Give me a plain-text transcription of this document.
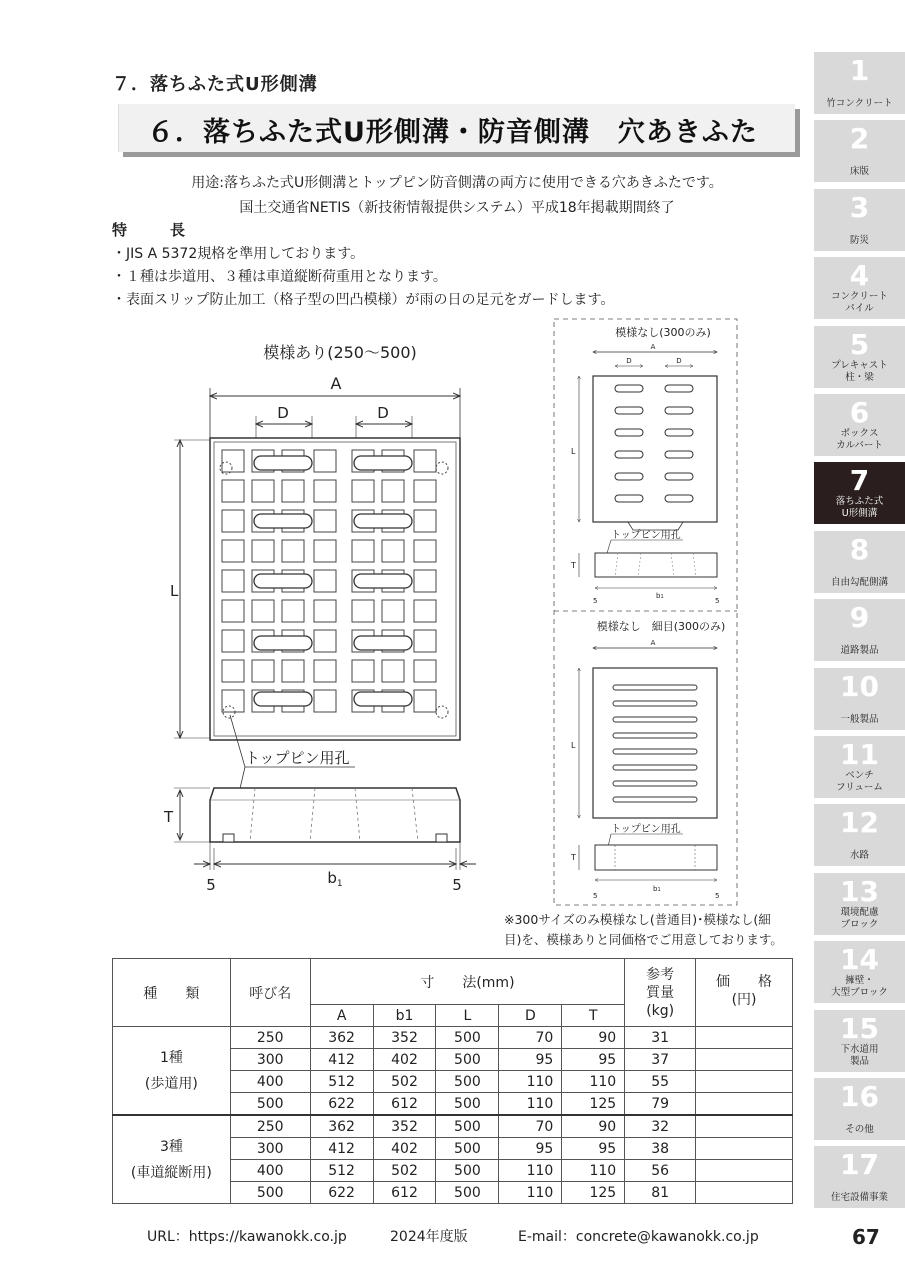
７．落ちふた式U形側溝
６．落ちふた式U形側溝・防音側溝　穴あきふた
用途:落ちふた式U形側溝とトップピン防音側溝の両方に使用できる穴あきふたです。
国土交通省NETIS（新技術情報提供システム）平成18年掲載期間終了
特　長
・JIS A 5372規格を準用しております。
・１種は歩道用、３種は車道縦断荷重用となります。
・表面スリップ防止加工（格子型の凹凸模様）が雨の日の足元をガードします。
模様あり(250～500)
A
D	D
L
トップピン用孔
T
$b_1$
5	5
模様なし(300のみ)
A
D	D
L
トップピン用孔
T
b1
5	5
模様なし　細目(300のみ)
A
L
トップピン用孔
T
b1
5	5
※300サイズのみ模様なし(普通目)･模様なし(細
目)を、模様ありと同価格でご用意しております。
種　　類	呼び名	寸　　法(mm)					参考
質量
(kg)	価　　格
(円)
		A	b1	L	D	T		

1種
(歩道用)	250	362	352	500	70	90	31	
	300	412	402	500	95	95	37	
	400	512	502	500	110	110	55	
	500	622	612	500	110	125	79	

3種
(車道縦断用)	250	362	352	500	70	90	32	
	300	412	402	500	95	95	38	
	400	512	502	500	110	110	56	
	500	622	612	500	110	125	81	
1
竹コンクリート
2
床版
3
防災
4
コンクリート
パイル
5
プレキャスト
柱・梁
6
ボックス
カルバート
7
落ちふた式
U形側溝
8
自由勾配側溝
9
道路製品
10
一般製品
11
ベンチ
フリューム
12
水路
13
環境配慮
ブロック
14
擁壁・
大型ブロック
15
下水道用
製品
16
その他
17
住宅設備事業
URL：https://kawanokk.co.jp	2024年度版	E-mail：concrete@kawanokk.co.jp	67
